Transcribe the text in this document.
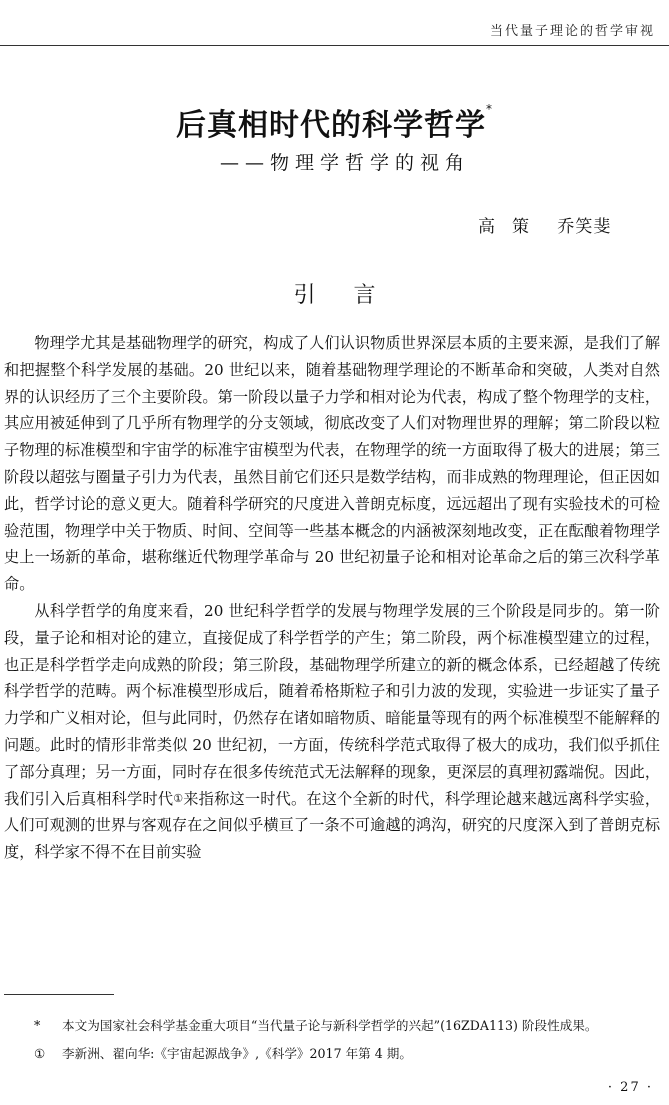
当代量子理论的哲学审视
后真相时代的科学哲学*
——物理学哲学的视角
高策 乔笑斐
引言

物理学尤其是基础物理学的研究，构成了人们认识物质世界深层本质的主要来源，是我们了解和把握整个科学发展的基础。20 世纪以来，随着基础物理学理论的不断革命和突破，人类对自然界的认识经历了三个主要阶段。第一阶段以量子力学和相对论为代表，构成了整个物理学的支柱，其应用被延伸到了几乎所有物理学的分支领域，彻底改变了人们对物理世界的理解；第二阶段以粒子物理的标准模型和宇宙学的标准宇宙模型为代表，在物理学的统一方面取得了极大的进展；第三阶段以超弦与圈量子引力为代表，虽然目前它们还只是数学结构，而非成熟的物理理论，但正因如此，哲学讨论的意义更大。随着科学研究的尺度进入普朗克标度，远远超出了现有实验技术的可检验范围，物理学中关于物质、时间、空间等一些基本概念的内涵被深刻地改变，正在酝酿着物理学史上一场新的革命，堪称继近代物理学革命与 20 世纪初量子论和相对论革命之后的第三次科学革命。

从科学哲学的角度来看，20 世纪科学哲学的发展与物理学发展的三个阶段是同步的。第一阶段，量子论和相对论的建立，直接促成了科学哲学的产生；第二阶段，两个标准模型建立的过程，也正是科学哲学走向成熟的阶段；第三阶段，基础物理学所建立的新的概念体系，已经超越了传统科学哲学的范畴。两个标准模型形成后，随着希格斯粒子和引力波的发现，实验进一步证实了量子力学和广义相对论，但与此同时，仍然存在诸如暗物质、暗能量等现有的两个标准模型不能解释的问题。此时的情形非常类似 20 世纪初，一方面，传统科学范式取得了极大的成功，我们似乎抓住了部分真理；另一方面，同时存在很多传统范式无法解释的现象，更深层的真理初露端倪。因此，我们引入后真相科学时代①来指称这一时代。在这个全新的时代，科学理论越来越远离科学实验，人们可观测的世界与客观存在之间似乎横亘了一条不可逾越的鸿沟，研究的尺度深入到了普朗克标度，科学家不得不在目前实验

* 本文为国家社会科学基金重大项目“当代量子论与新科学哲学的兴起”(16ZDA113) 阶段性成果。
① 李新洲、翟向华:《宇宙起源战争》,《科学》2017 年第 4 期。
· 27 ·
